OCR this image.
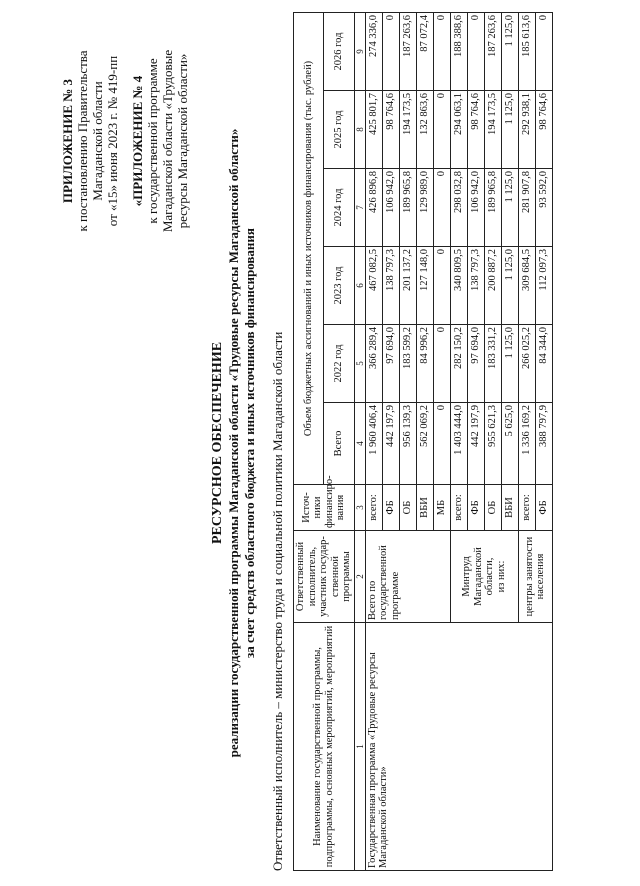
ПРИЛОЖЕНИЕ № 3 к постановлению Правительства Магаданской области от «15» июня 2023 г. № 419-пп «ПРИЛОЖЕНИЕ № 4 к государственной программе Магаданской области «Трудовые ресурсы Магаданской области»
РЕСУРСНОЕ ОБЕСПЕЧЕНИЕ реализации государственной программы Магаданской области «Трудовые ресурсы Магаданской области» за счет средств областного бюджета и иных источников финансирования Ответственный исполнитель – министерство труда и социальной политики Магаданской области	Наименование государственной программы, подпрограммы, основных мероприятий, мероприятий	Ответственный исполнитель, участник государ-ственной программы	Источ-ники финансиро-вания	Объем бюджетных ассигнований и иных источников финансирования (тыс. рублей)					
			Всего	2022 год	2023 год	2024 год	2025 год	2026 год
1	2	3	4	5	6	7	8	9
Государственная программа «Трудовые ресурсы Магаданской области»	Всего по государственной программе	всего:	1 960 406,4	366 289,4	467 082,5	426 896,8	425 801,7	274 336,0
		ФБ	442 197,9	97 694,0	138 797,3	106 942,0	98 764,6	0
		ОБ	956 139,3	183 599,2	201 137,2	189 965,8	194 173,5	187 263,6
		ВБИ	562 069,2	84 996,2	127 148,0	129 989,0	132 863,6	87 072,4
		МБ	0	0	0	0	0	0

	Минтруд Магаданской области, из них:	всего:	1 403 444,0	282 150,2	340 809,5	298 032,8	294 063,1	188 388,6
		ФБ	442 197,9	97 694,0	138 797,3	106 942,0	98 764,6	0
		ОБ	955 621,3	183 331,2	200 887,2	189 965,8	194 173,5	187 263,6
		ВБИ	5 625,0	1 125,0	1 125,0	1 125,0	1 125,0	1 125,0
	центры занятости населения	всего:	1 336 169,2	266 025,2	309 684,5	281 907,8	292 938,1	185 613,6
		ФБ	388 797,9	84 344,0	112 097,3	93 592,0	98 764,6	0
